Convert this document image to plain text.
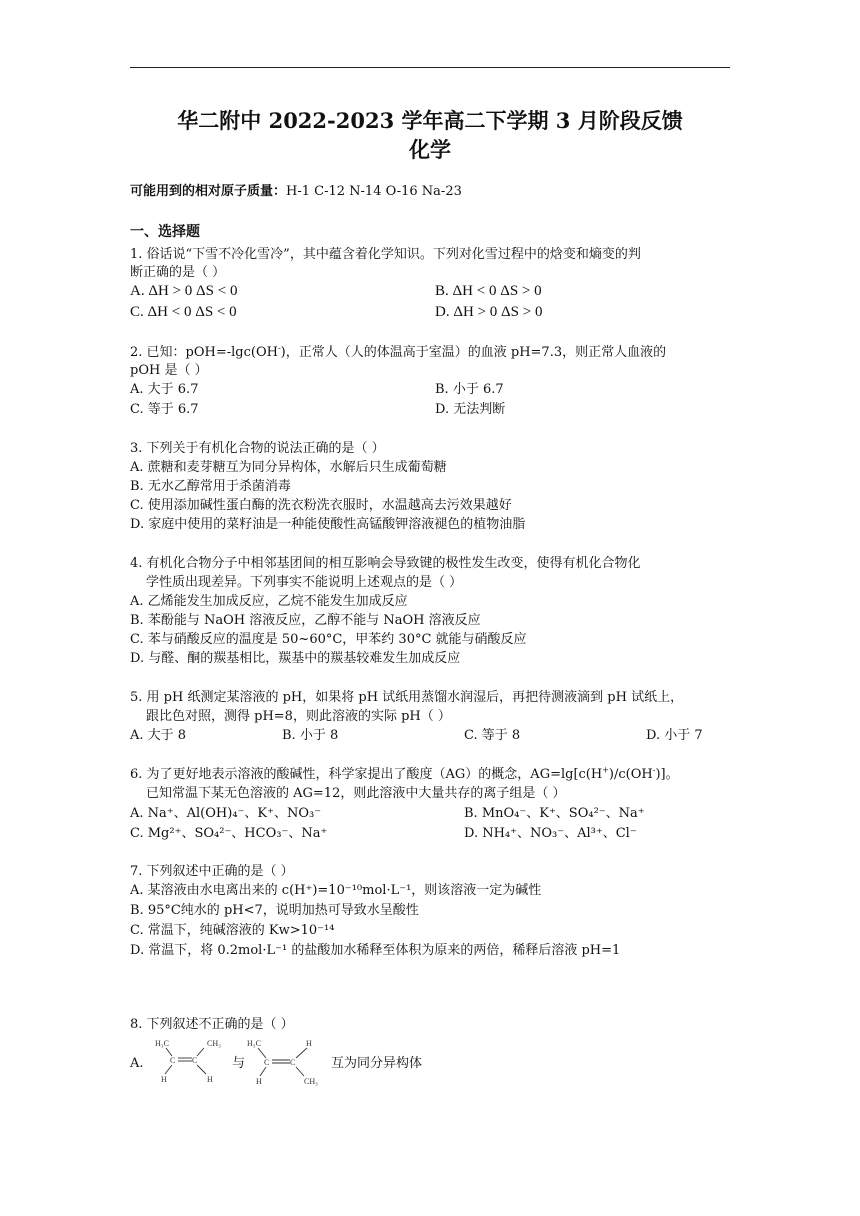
华二附中 2022-2023 学年高二下学期 3 月阶段反馈
化学
可能用到的相对原子质量：H-1 C-12 N-14 O-16 Na-23
一、选择题
1. 俗话说“下雪不冷化雪冷”，其中蕴含着化学知识。下列对化雪过程中的焓变和熵变的判
断正确的是（ ）
A. ΔH > 0 ΔS < 0	B. ΔH < 0 ΔS > 0
C. ΔH < 0 ΔS < 0	D. ΔH > 0 ΔS > 0
2. 已知：pOH=-lgc(OH-)，正常人（人的体温高于室温）的血液 pH=7.3，则正常人血液的
pOH 是（ ）
A. 大于 6.7	B. 小于 6.7
C. 等于 6.7	D. 无法判断
3. 下列关于有机化合物的说法正确的是（ ）
A. 蔗糖和麦芽糖互为同分异构体，水解后只生成葡萄糖
B. 无水乙醇常用于杀菌消毒
C. 使用添加碱性蛋白酶的洗衣粉洗衣服时，水温越高去污效果越好
D. 家庭中使用的菜籽油是一种能使酸性高锰酸钾溶液褪色的植物油脂
4. 有机化合物分子中相邻基团间的相互影响会导致键的极性发生改变，使得有机化合物化
学性质出现差异。下列事实不能说明上述观点的是（ ）
A. 乙烯能发生加成反应，乙烷不能发生加成反应
B. 苯酚能与 NaOH 溶液反应，乙醇不能与 NaOH 溶液反应
C. 苯与硝酸反应的温度是 50~60°C，甲苯约 30°C 就能与硝酸反应
D. 与醛、酮的羰基相比，羰基中的羰基较难发生加成反应
5. 用 pH 纸测定某溶液的 pH，如果将 pH 试纸用蒸馏水润湿后，再把待测液滴到 pH 试纸上，
跟比色对照，测得 pH=8，则此溶液的实际 pH（ ）
A. 大于 8	B. 小于 8	C. 等于 8	D. 小于 7
6. 为了更好地表示溶液的酸碱性，科学家提出了酸度（AG）的概念，AG=lg[c(H+)/c(OH-)]。
已知常温下某无色溶液的 AG=12，则此溶液中大量共存的离子组是（ ）
A. Na⁺、Al(OH)₄⁻、K⁺、NO₃⁻	B. MnO₄⁻、K⁺、SO₄²⁻、Na⁺
C. Mg²⁺、SO₄²⁻、HCO₃⁻、Na⁺	D. NH₄⁺、NO₃⁻、Al³⁺、Cl⁻
7. 下列叙述中正确的是（ ）
A. 某溶液由水电离出来的 c(H⁺)=10⁻¹⁰mol·L⁻¹，则该溶液一定为碱性
B. 95°C纯水的 pH<7，说明加热可导致水呈酸性
C. 常温下，纯碱溶液的 Kw>10⁻¹⁴
D. 常温下，将 0.2mol·L⁻¹ 的盐酸加水稀释至体积为原来的两倍，稀释后溶液 pH=1
8. 下列叙述不正确的是（ ）
A.
H₃C	CH₃
C C
H	H
与
H₃C	H
C	C
H	CH₃
互为同分异构体
